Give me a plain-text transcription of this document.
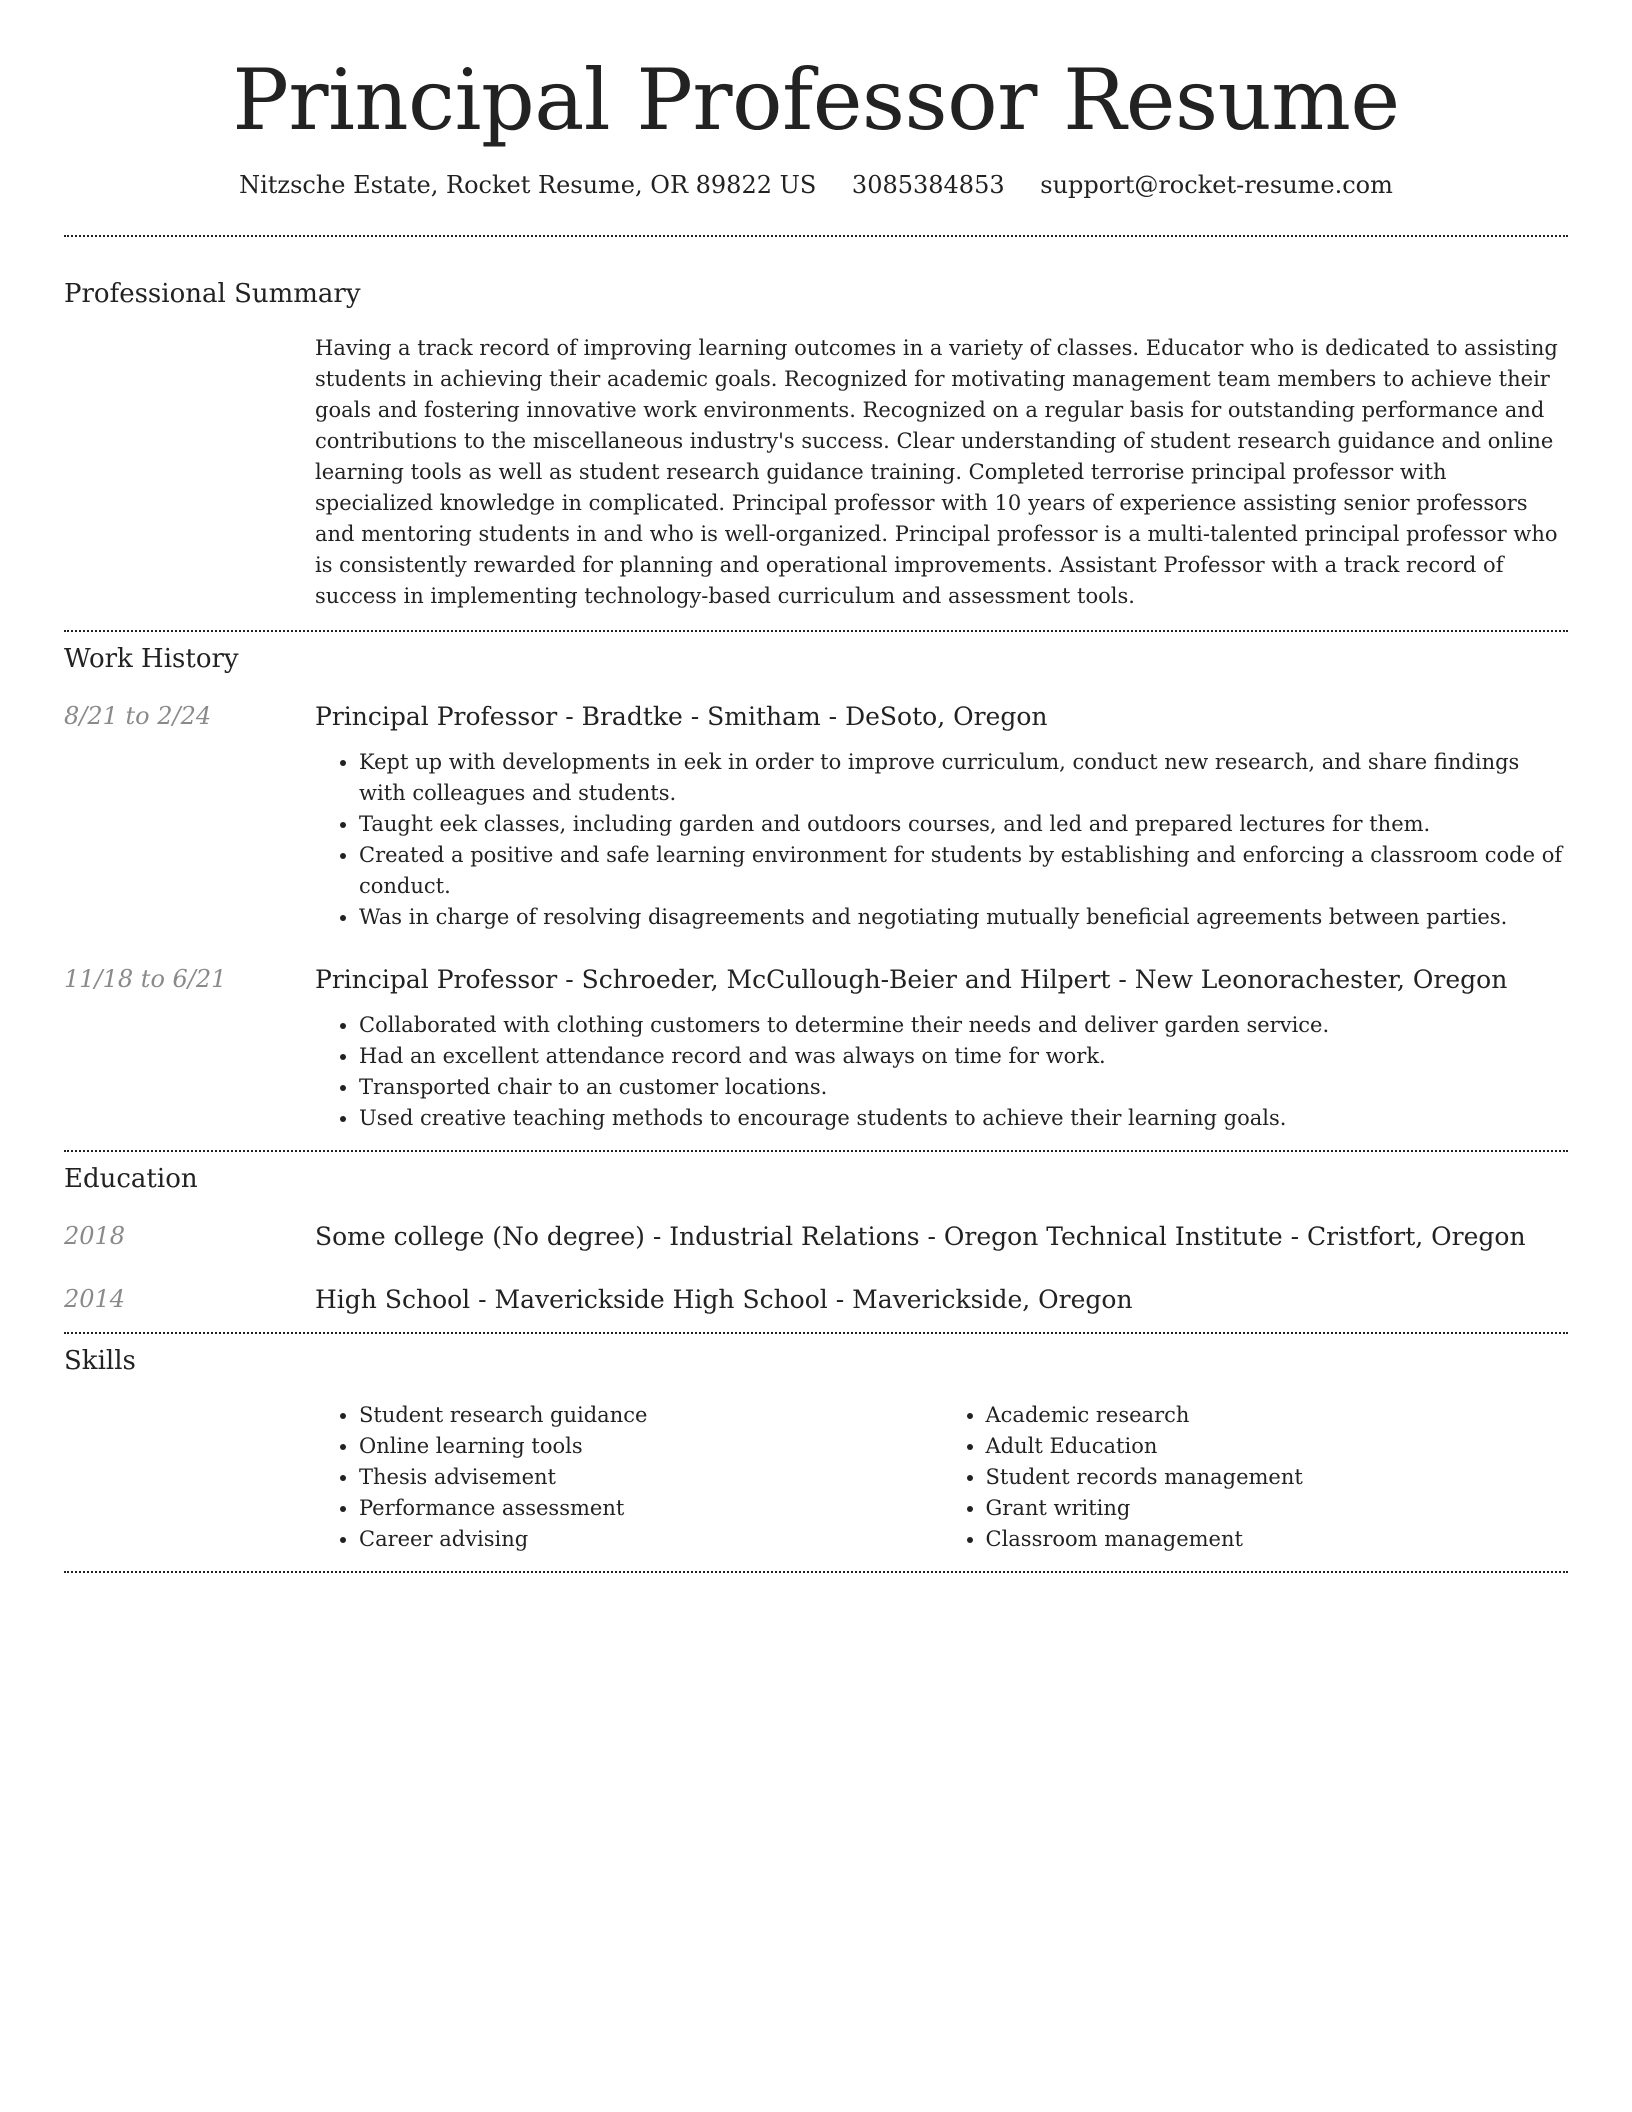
Principal Professor Resume
Nitzsche Estate, Rocket Resume, OR 89822 US 3085384853 support@rocket-resume.com
Professional Summary

Having a track record of improving learning outcomes in a variety of classes. Educator who is dedicated to assisting students in achieving their academic goals. Recognized for motivating management team members to achieve their goals and fostering innovative work environments. Recognized on a regular basis for outstanding performance and contributions to the miscellaneous industry's success. Clear understanding of student research guidance and online learning tools as well as student research guidance training. Completed terrorise principal professor with specialized knowledge in complicated. Principal professor with 10 years of experience assisting senior professors and mentoring students in and who is well-organized. Principal professor is a multi-talented principal professor who is consistently rewarded for planning and operational improvements. Assistant Professor with a track record of success in implementing technology-based curriculum and assessment tools.

Work History
8/21 to 2/24	Principal Professor - Bradtke - Smitham - DeSoto, Oregon
• Kept up with developments in eek in order to improve curriculum, conduct new research, and share findings with colleagues and students.
• Taught eek classes, including garden and outdoors courses, and led and prepared lectures for them.
• Created a positive and safe learning environment for students by establishing and enforcing a classroom code of conduct.
• Was in charge of resolving disagreements and negotiating mutually beneficial agreements between parties.
11/18 to 6/21	Principal Professor - Schroeder, McCullough-Beier and Hilpert - New Leonorachester, Oregon
• Collaborated with clothing customers to determine their needs and deliver garden service.
• Had an excellent attendance record and was always on time for work.
• Transported chair to an customer locations.
• Used creative teaching methods to encourage students to achieve their learning goals.
Education
2018	Some college (No degree) - Industrial Relations - Oregon Technical Institute - Cristfort, Oregon
2014	High School - Maverickside High School - Maverickside, Oregon
Skills
• Student research guidance
• Online learning tools
• Thesis advisement
• Performance assessment
• Career advising
• Academic research
• Adult Education
• Student records management
• Grant writing
• Classroom management
